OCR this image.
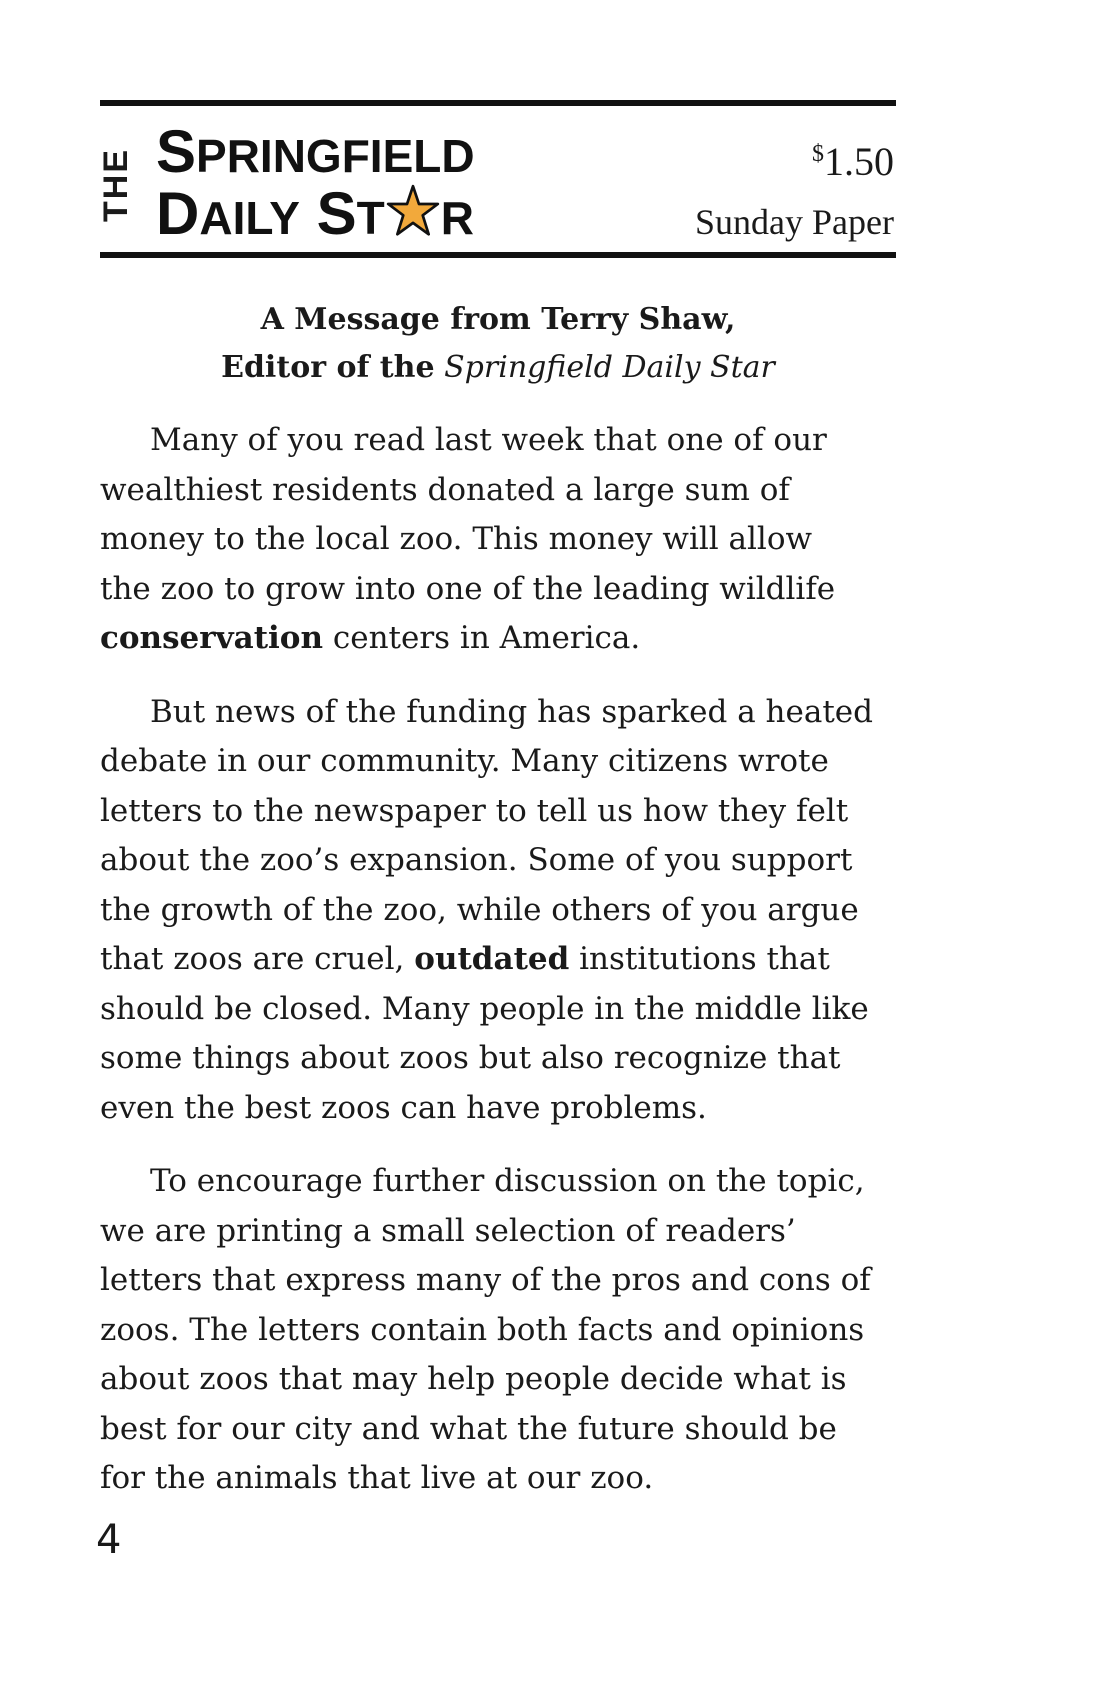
THE SPRINGFIELD
DAILY ST R
$1.50
Sunday Paper
A Message from Terry Shaw,
Editor of the Springfield Daily Star

Many of you read last week that one of our
wealthiest residents donated a large sum of
money to the local zoo. This money will allow
the zoo to grow into one of the leading wildlife
conservation centers in America.

But news of the funding has sparked a heated
debate in our community. Many citizens wrote
letters to the newspaper to tell us how they felt
about the zoo’s expansion. Some of you support
the growth of the zoo, while others of you argue
that zoos are cruel, outdated institutions that
should be closed. Many people in the middle like
some things about zoos but also recognize that
even the best zoos can have problems.

To encourage further discussion on the topic,
we are printing a small selection of readers’
letters that express many of the pros and cons of
zoos. The letters contain both facts and opinions
about zoos that may help people decide what is
best for our city and what the future should be
for the animals that live at our zoo.

4
